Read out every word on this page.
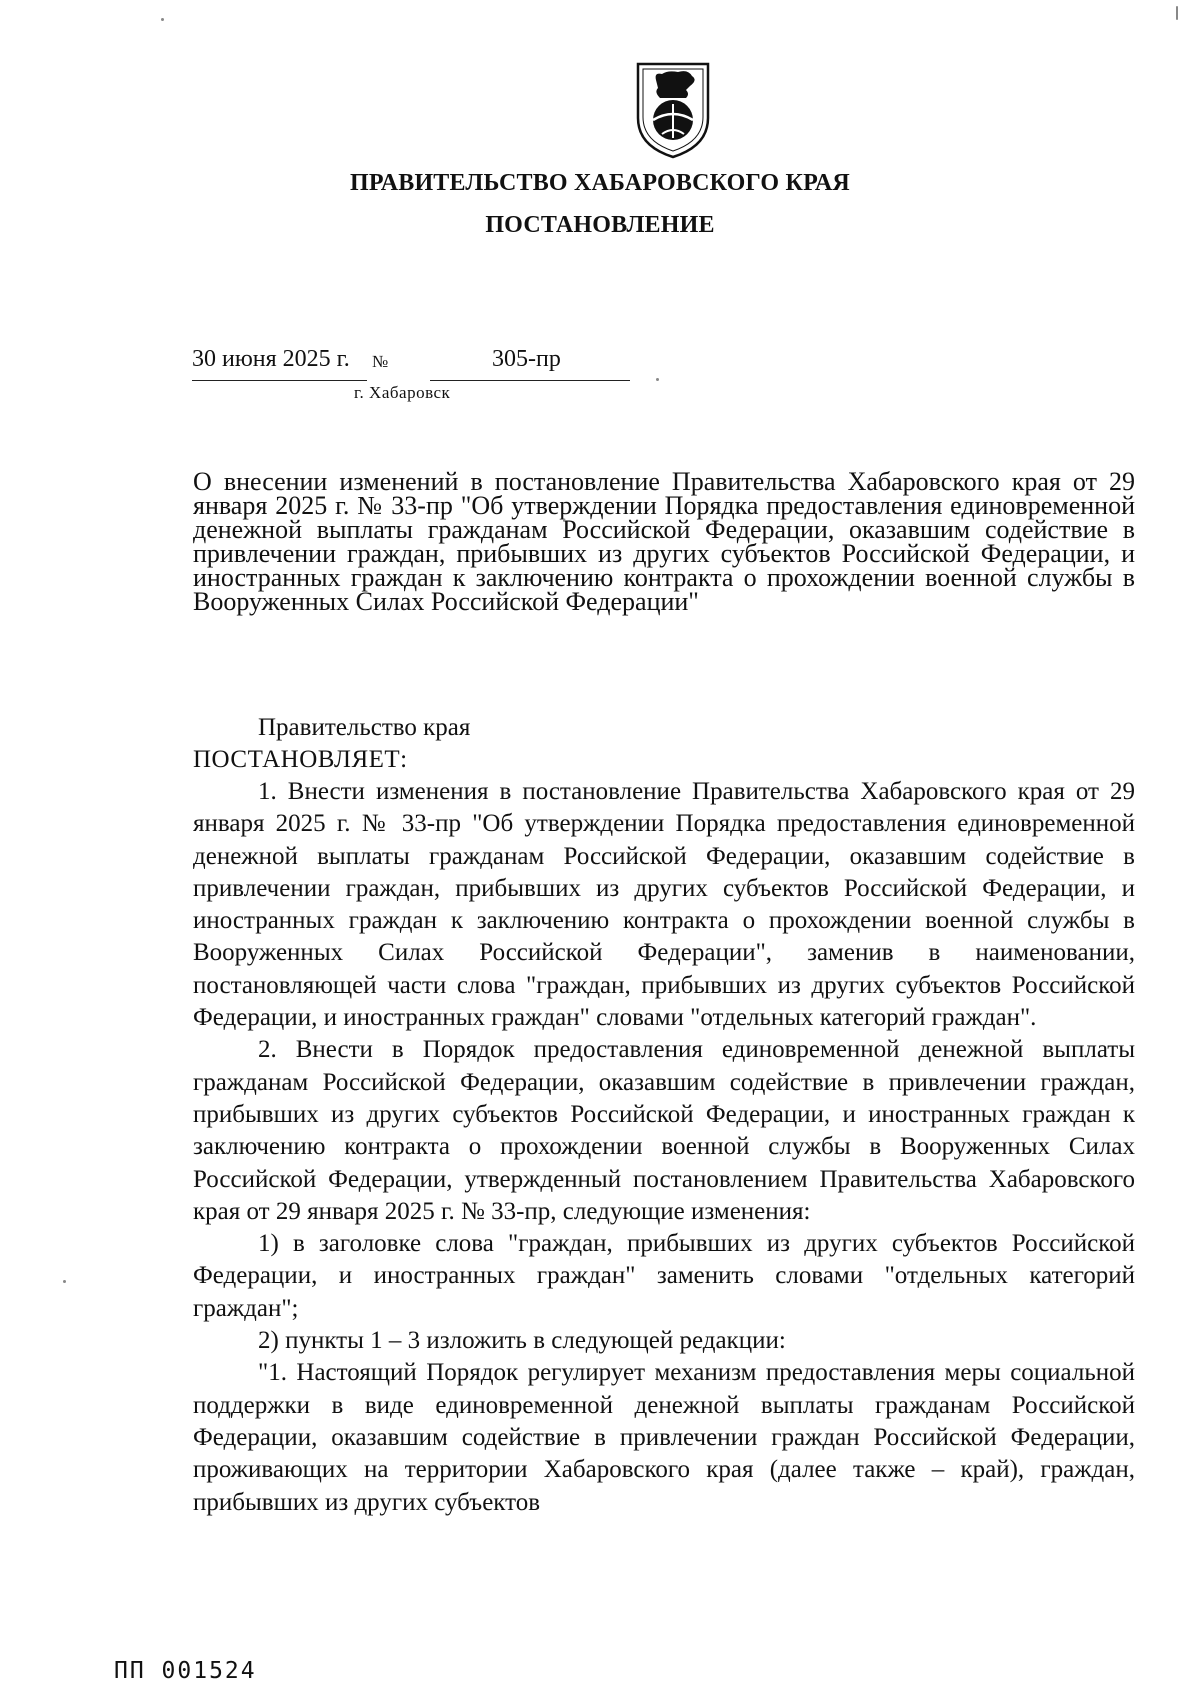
ПРАВИТЕЛЬСТВО ХАБАРОВСКОГО КРАЯ
ПОСТАНОВЛЕНИЕ
30 июня 2025 г. №	305-пр
г. Хабаровск
О внесении изменений в постановление Правительства Хабаровского края от 29 января 2025 г. № 33-пр "Об утверждении Порядка предоставления единовременной денежной выплаты гражданам Российской Федерации, оказавшим содействие в привлечении граждан, прибывших из других субъектов Российской Федерации, и иностранных граждан к заключению контракта о прохождении военной службы в Вооруженных Силах Российской Федерации"
Правительство края
ПОСТАНОВЛЯЕТ:

1. Внести изменения в постановление Правительства Хабаровского края от 29 января 2025 г. № 33-пр "Об утверждении Порядка предоставления единовременной денежной выплаты гражданам Российской Федерации, оказавшим содействие в привлечении граждан, прибывших из других субъектов Российской Федерации, и иностранных граждан к заключению контракта о прохождении военной службы в Вооруженных Силах Российской Федерации", заменив в наименовании, постановляющей части слова "граждан, прибывших из других субъектов Российской Федерации, и иностранных граждан" словами "отдельных категорий граждан".

2. Внести в Порядок предоставления единовременной денежной выплаты гражданам Российской Федерации, оказавшим содействие в привлечении граждан, прибывших из других субъектов Российской Федерации, и иностранных граждан к заключению контракта о прохождении военной службы в Вооруженных Силах Российской Федерации, утвержденный постановлением Правительства Хабаровского края от 29 января 2025 г. № 33-пр, следующие изменения:

1) в заголовке слова "граждан, прибывших из других субъектов Российской Федерации, и иностранных граждан" заменить словами "отдельных категорий граждан";

2) пункты 1 – 3 изложить в следующей редакции:

"1. Настоящий Порядок регулирует механизм предоставления меры социальной поддержки в виде единовременной денежной выплаты гражданам Российской Федерации, оказавшим содействие в привлечении граждан Российской Федерации, проживающих на территории Хабаровского края (далее также – край), граждан, прибывших из других субъектов

ПП 001524
